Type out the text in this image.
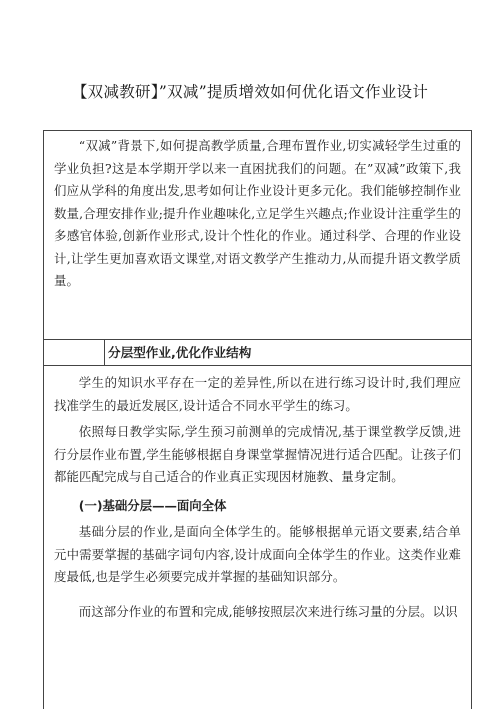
【双减教研】”双减”提质增效如何优化语文作业设计

“双减”背景下,如何提高教学质量,合理布置作业,切实减轻学生过重的学业负担?这是本学期开学以来一直困扰我们的问题。在”双减”政策下,我们应从学科的角度出发,思考如何让作业设计更多元化。我们能够控制作业数量,合理安排作业;提升作业趣味化,立足学生兴趣点;作业设计注重学生的多感官体验,创新作业形式,设计个性化的作业。通过科学、合理的作业设计,让学生更加喜欢语文课堂,对语文教学产生推动力,从而提升语文教学质量。

分层型作业,优化作业结构

学生的知识水平存在一定的差异性,所以在进行练习设计时,我们理应找准学生的最近发展区,设计适合不同水平学生的练习。

依照每日教学实际,学生预习前测单的完成情况,基于课堂教学反馈,进行分层作业布置,学生能够根据自身课堂掌握情况进行适合匹配。让孩子们都能匹配完成与自己适合的作业真正实现因材施教、量身定制。

(一)基础分层——面向全体

基础分层的作业,是面向全体学生的。能够根据单元语文要素,结合单元中需要掌握的基础字词句内容,设计成面向全体学生的作业。这类作业难度最低,也是学生必须要完成并掌握的基础知识部分。

而这部分作业的布置和完成,能够按照层次来进行练习量的分层。以识
